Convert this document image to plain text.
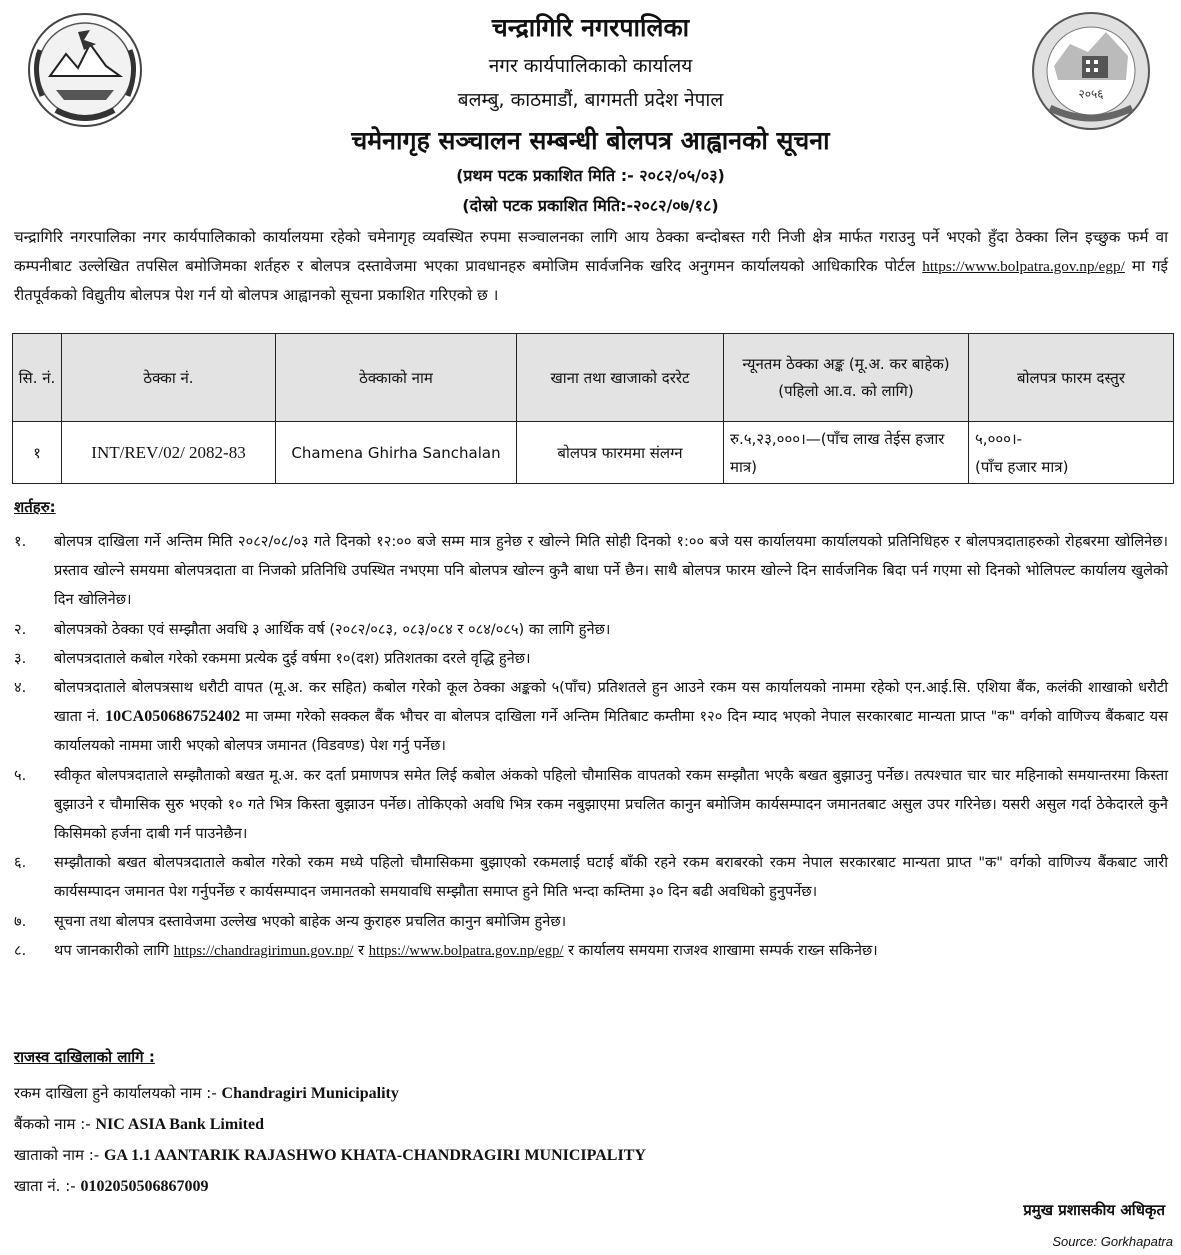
२०५६
चन्द्रागिरि नगरपालिका
नगर कार्यपालिकाको कार्यालय
बलम्बु, काठमाडौं, बागमती प्रदेश नेपाल
चमेनागृह सञ्चालन सम्बन्धी बोलपत्र आह्वानको सूचना
(प्रथम पटक प्रकाशित मिति :- २०८२/०५/०३)
(दोस्रो पटक प्रकाशित मिति:-२०८२/०७/१८)
चन्द्रागिरि नगरपालिका नगर कार्यपालिकाको कार्यालयमा रहेको चमेनागृह व्यवस्थित रुपमा सञ्चालनका लागि आय ठेक्का बन्दोबस्त गरी निजी क्षेत्र मार्फत गराउनु पर्ने भएको हुँदा ठेक्का लिन इच्छुक फर्म वा कम्पनीबाट उल्लेखित तपसिल बमोजिमका शर्तहरु र बोलपत्र दस्तावेजमा भएका प्रावधानहरु बमोजिम सार्वजनिक खरिद अनुगमन कार्यालयको आधिकारिक पोर्टल https://www.bolpatra.gov.np/egp/ मा गई रीतपूर्वकको विद्युतीय बोलपत्र पेश गर्न यो बोलपत्र आह्वानको सूचना प्रकाशित गरिएको छ ।
सि. नं.	ठेक्का नं.	ठेक्काको नाम	खाना तथा खाजाको दररेट	न्यूनतम ठेक्का अङ्क (मू.अ. कर बाहेक)(पहिलो आ.व. को लागि)	बोलपत्र फारम दस्तुर
१	INT/REV/02/ 2082-83	Chamena Ghirha Sanchalan	बोलपत्र फारममा संलग्न	रु.५,२३,०००।—(पाँच लाख तेईस हजार मात्र)	५,०००।-
(पाँच हजार मात्र)
शर्तहरु:
१.	बोलपत्र दाखिला गर्ने अन्तिम मिति २०८२/०८/०३ गते दिनको १२:०० बजे सम्म मात्र हुनेछ र खोल्ने मिति सोही दिनको १:०० बजे यस कार्यालयमा कार्यालयको प्रतिनिधिहरु र बोलपत्रदाताहरुको रोहबरमा खोलिनेछ। प्रस्ताव खोल्ने समयमा बोलपत्रदाता वा निजको प्रतिनिधि उपस्थित नभएमा पनि बोलपत्र खोल्न कुनै बाधा पर्ने छैन। साथै बोलपत्र फारम खोल्ने दिन सार्वजनिक बिदा पर्न गएमा सो दिनको भोलिपल्ट कार्यालय खुलेको दिन खोलिनेछ।
२.	बोलपत्रको ठेक्का एवं सम्झौता अवधि ३ आर्थिक वर्ष (२०८२/०८३, ०८३/०८४ र ०८४/०८५) का लागि हुनेछ।
३.	बोलपत्रदाताले कबोल गरेको रकममा प्रत्येक दुई वर्षमा १०(दश) प्रतिशतका दरले वृद्धि हुनेछ।
४.	बोलपत्रदाताले बोलपत्रसाथ धरौटी वापत (मू.अ. कर सहित) कबोल गरेको कूल ठेक्का अङ्कको ५(पाँच) प्रतिशतले हुन आउने रकम यस कार्यालयको नाममा रहेको एन.आई.सि. एशिया बैंक, कलंकी शाखाको धरौटी खाता नं. 10CA050686752402 मा जम्मा गरेको सक्कल बैंक भौचर वा बोलपत्र दाखिला गर्ने अन्तिम मितिबाट कम्तीमा १२० दिन म्याद भएको नेपाल सरकारबाट मान्यता प्राप्त "क" वर्गको वाणिज्य बैंकबाट यस कार्यालयको नाममा जारी भएको बोलपत्र जमानत (विडवण्ड) पेश गर्नु पर्नेछ।
५.	स्वीकृत बोलपत्रदाताले सम्झौताको बखत मू.अ. कर दर्ता प्रमाणपत्र समेत लिई कबोल अंकको पहिलो चौमासिक वापतको रकम सम्झौता भएकै बखत बुझाउनु पर्नेछ। तत्पश्चात चार चार महिनाको समयान्तरमा किस्ता बुझाउने र चौमासिक सुरु भएको १० गते भित्र किस्ता बुझाउन पर्नेछ। तोकिएको अवधि भित्र रकम नबुझाएमा प्रचलित कानुन बमोजिम कार्यसम्पादन जमानतबाट असुल उपर गरिनेछ। यसरी असुल गर्दा ठेकेदारले कुनै किसिमको हर्जना दाबी गर्न पाउनेछैन।
६.	सम्झौताको बखत बोलपत्रदाताले कबोल गरेको रकम मध्ये पहिलो चौमासिकमा बुझाएको रकमलाई घटाई बाँकी रहने रकम बराबरको रकम नेपाल सरकारबाट मान्यता प्राप्त "क" वर्गको वाणिज्य बैंकबाट जारी कार्यसम्पादन जमानत पेश गर्नुपर्नेछ र कार्यसम्पादन जमानतको समयावधि सम्झौता समाप्त हुने मिति भन्दा कम्तिमा ३० दिन बढी अवधिको हुनुपर्नेछ।
७.	सूचना तथा बोलपत्र दस्तावेजमा उल्लेख भएको बाहेक अन्य कुराहरु प्रचलित कानुन बमोजिम हुनेछ।
८.	थप जानकारीको लागि https://chandragirimun.gov.np/ र https://www.bolpatra.gov.np/egp/ र कार्यालय समयमा राजश्व शाखामा सम्पर्क राख्न सकिनेछ।
राजस्व दाखिलाको लागि :
रकम दाखिला हुने कार्यालयको नाम :- Chandragiri Municipality
बैंकको नाम :- NIC ASIA Bank Limited
खाताको नाम :- GA 1.1 AANTARIK RAJASHWO KHATA-CHANDRAGIRI MUNICIPALITY
खाता नं. :- 0102050506867009
प्रमुख प्रशासकीय अधिकृत
Source: Gorkhapatra
